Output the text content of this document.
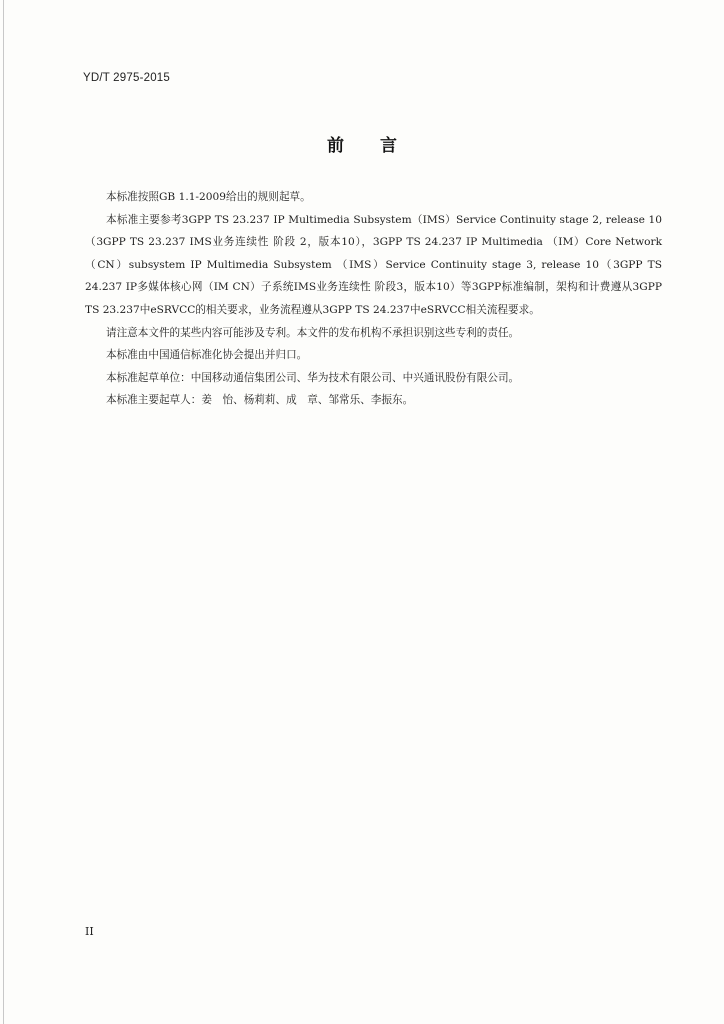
YD/T 2975-2015
前 言

本标准按照GB 1.1-2009给出的规则起草。

本标准主要参考3GPP TS 23.237 IP Multimedia Subsystem（IMS）Service Continuity stage 2, release 10（3GPP TS 23.237 IMS业务连续性 阶段 2，版本10），3GPP TS 24.237 IP Multimedia （IM）Core Network（CN）subsystem IP Multimedia Subsystem （IMS）Service Continuity stage 3, release 10（3GPP TS 24.237 IP多媒体核心网（IM CN）子系统IMS业务连续性 阶段3，版本10）等3GPP标准编制，架构和计费遵从3GPP TS 23.237中eSRVCC的相关要求，业务流程遵从3GPP TS 24.237中eSRVCC相关流程要求。

请注意本文件的某些内容可能涉及专利。本文件的发布机构不承担识别这些专利的责任。

本标准由中国通信标准化协会提出并归口。

本标准起草单位：中国移动通信集团公司、华为技术有限公司、中兴通讯股份有限公司。

本标准主要起草人：姜　怡、杨莉莉、成　章、邹常乐、李振东。

II
